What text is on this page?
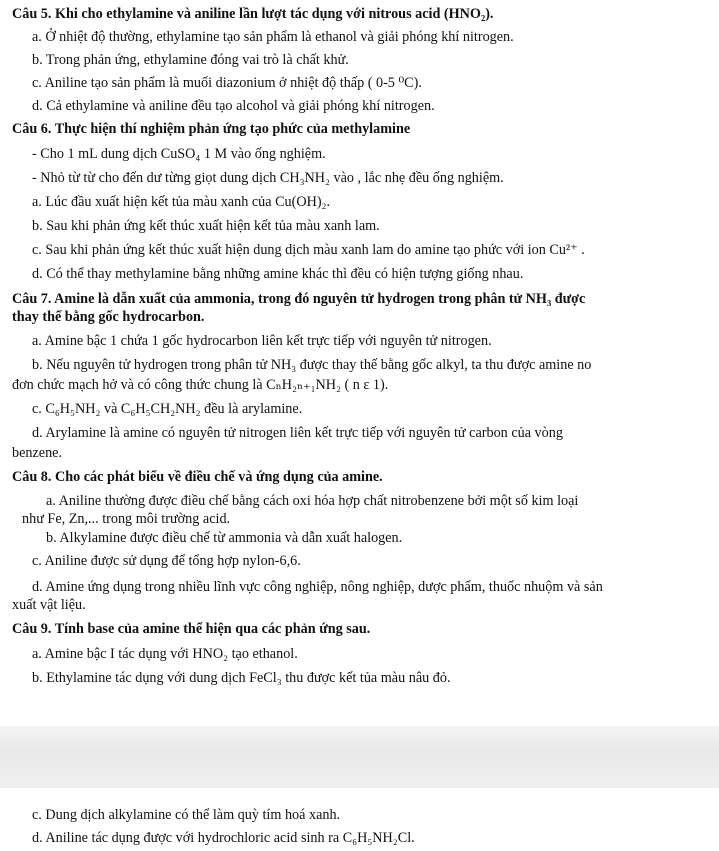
Câu 5. Khi cho ethylamine và aniline lần lượt tác dụng với nitrous acid (HNO₂).
a. Ở nhiệt độ thường, ethylamine tạo sản phẩm là ethanol và giải phóng khí nitrogen.
b. Trong phản ứng, ethylamine đóng vai trò là chất khử.
c. Aniline tạo sản phẩm là muối diazonium ở nhiệt độ thấp ( 0-5 ⁰C).
d. Cả ethylamine và aniline đều tạo alcohol và giải phóng khí nitrogen.
Câu 6. Thực hiện thí nghiệm phản ứng tạo phức của methylamine
- Cho 1 mL dung dịch CuSO₄ 1 M vào ống nghiệm.
- Nhỏ từ từ cho đến dư từng giọt dung dịch CH₃NH₂ vào , lắc nhẹ đều ống nghiệm.
a. Lúc đầu xuất hiện kết tủa màu xanh của Cu(OH)₂.
b. Sau khi phản ứng kết thúc xuất hiện kết tủa màu xanh lam.
c. Sau khi phản ứng kết thúc xuất hiện dung dịch màu xanh lam do amine tạo phức với ion Cu²⁺ .
d. Có thể thay methylamine bằng những amine khác thì đều có hiện tượng giống nhau.
Câu 7. Amine là dẫn xuất của ammonia, trong đó nguyên tử hydrogen trong phân tử NH₃ được
thay thế bằng gốc hydrocarbon.
a. Amine bậc 1 chứa 1 gốc hydrocarbon liên kết trực tiếp với nguyên tử nitrogen.
b. Nếu nguyên tử hydrogen trong phân tử NH₃ được thay thế bằng gốc alkyl, ta thu được amine no
đơn chức mạch hở và có công thức chung là CₙH₂ₙ₊₁NH₂ ( n ε 1).
c. C₆H₅NH₂ và C₆H₅CH₂NH₂ đều là arylamine.
d. Arylamine là amine có nguyên tử nitrogen liên kết trực tiếp với nguyên tử carbon của vòng
benzene.
Câu 8. Cho các phát biểu về điều chế và ứng dụng của amine.
a. Aniline thường được điều chế bằng cách oxi hóa hợp chất nitrobenzene bởi một số kim loại
như Fe, Zn,... trong môi trường acid.
b. Alkylamine được điều chế từ ammonia và dẫn xuất halogen.
c. Aniline được sử dụng để tổng hợp nylon-6,6.
d. Amine ứng dụng trong nhiều lĩnh vực công nghiệp, nông nghiệp, dược phẩm, thuốc nhuộm và sản
xuất vật liệu.
Câu 9. Tính base của amine thể hiện qua các phản ứng sau.
a. Amine bậc I tác dụng với HNO₂ tạo ethanol.
b. Ethylamine tác dụng với dung dịch FeCl₃ thu được kết tủa màu nâu đỏ.
c. Dung dịch alkylamine có thể làm quỳ tím hoá xanh.
d. Aniline tác dụng được với hydrochloric acid sinh ra C₆H₅NH₂Cl.
